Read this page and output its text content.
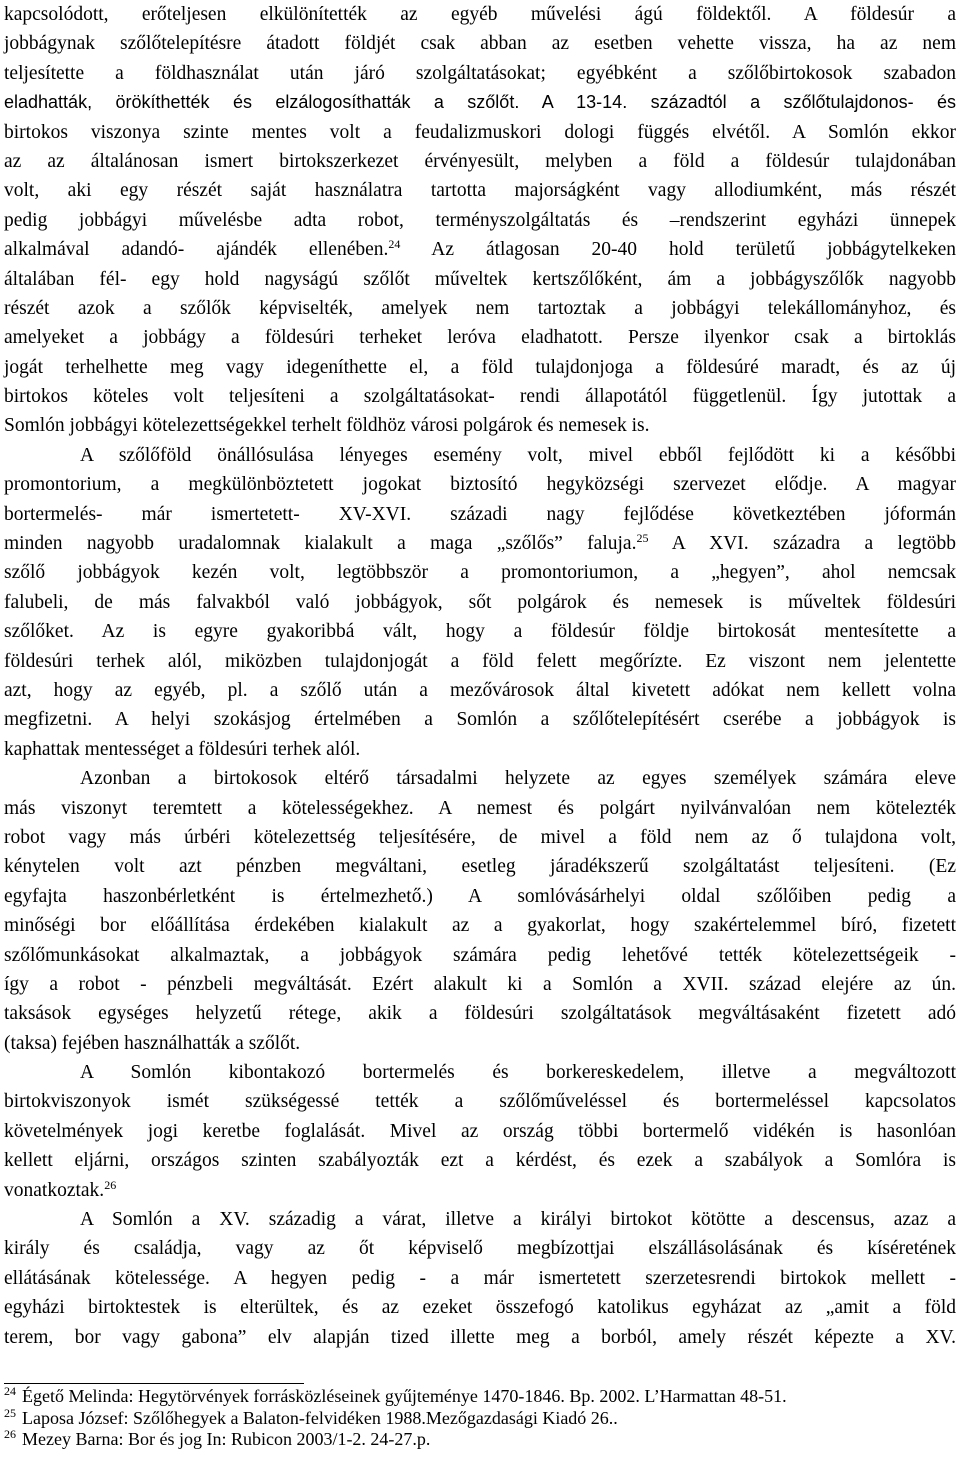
kapcsolódott, erőteljesen elkülönítették az egyéb művelési ágú földektől. A földesúr a
jobbágynak szőlőtelepítésre átadott földjét csak abban az esetben vehette vissza, ha az nem
teljesítette a földhasználat után járó szolgáltatásokat; egyébként a szőlőbirtokosok szabadon
eladhatták, örökíthették és elzálogosíthatták a szőlőt. A 13-14. századtól a szőlőtulajdonos- és
birtokos viszonya szinte mentes volt a feudalizmuskori dologi függés elvétől. A Somlón ekkor
az az általánosan ismert birtokszerkezet érvényesült, melyben a föld a földesúr tulajdonában
volt, aki egy részét saját használatra tartotta majorságként vagy allodiumként, más részét
pedig jobbágyi művelésbe adta robot, terményszolgáltatás és –rendszerint egyházi ünnepek
alkalmával adandó- ajándék ellenében.$^{24}$ Az átlagosan 20-40 hold területű jobbágytelkeken
általában fél- egy hold nagyságú szőlőt műveltek kertszőlőként, ám a jobbágyszőlők nagyobb
részét azok a szőlők képviselték, amelyek nem tartoztak a jobbágyi telekállományhoz, és
amelyeket a jobbágy a földesúri terheket leróva eladhatott. Persze ilyenkor csak a birtoklás
jogát terhelhette meg vagy idegeníthette el, a föld tulajdonjoga a földesúré maradt, és az új
birtokos köteles volt teljesíteni a szolgáltatásokat- rendi állapotától függetlenül. Így jutottak a
Somlón jobbágyi kötelezettségekkel terhelt földhöz városi polgárok és nemesek is.
A szőlőföld önállósulása lényeges esemény volt, mivel ebből fejlődött ki a későbbi
promontorium, a megkülönböztetett jogokat biztosító hegyközségi szervezet elődje. A magyar
bortermelés- már ismertetett- XV-XVI. századi nagy fejlődése következtében jóformán
minden nagyobb uradalomnak kialakult a maga „szőlős” faluja.$^{25}$ A XVI. századra a legtöbb
szőlő jobbágyok kezén volt, legtöbbször a promontoriumon, a „hegyen”, ahol nemcsak
falubeli, de más falvakból való jobbágyok, sőt polgárok és nemesek is műveltek földesúri
szőlőket. Az is egyre gyakoribbá vált, hogy a földesúr földje birtokosát mentesítette a
földesúri terhek alól, miközben tulajdonjogát a föld felett megőrízte. Ez viszont nem jelentette
azt, hogy az egyéb, pl. a szőlő után a mezővárosok által kivetett adókat nem kellett volna
megfizetni. A helyi szokásjog értelmében a Somlón a szőlőtelepítésért cserébe a jobbágyok is
kaphattak mentességet a földesúri terhek alól.
Azonban a birtokosok eltérő társadalmi helyzete az egyes személyek számára eleve
más viszonyt teremtett a kötelességekhez. A nemest és polgárt nyilvánvalóan nem kötelezték
robot vagy más úrbéri kötelezettség teljesítésére, de mivel a föld nem az ő tulajdona volt,
kénytelen volt azt pénzben megváltani, esetleg járadékszerű szolgáltatást teljesíteni. (Ez
egyfajta haszonbérletként is értelmezhető.) A somlóvásárhelyi oldal szőlőiben pedig a
minőségi bor előállítása érdekében kialakult az a gyakorlat, hogy szakértelemmel bíró, fizetett
szőlőmunkásokat alkalmaztak, a jobbágyok számára pedig lehetővé tették kötelezettségeik -
így a robot - pénzbeli megváltását. Ezért alakult ki a Somlón a XVII. század elejére az ún.
taksások egységes helyzetű rétege, akik a földesúri szolgáltatások megváltásaként fizetett adó
(taksa) fejében használhatták a szőlőt.
A Somlón kibontakozó bortermelés és borkereskedelem, illetve a megváltozott
birtokviszonyok ismét szükségessé tették a szőlőműveléssel és bortermeléssel kapcsolatos
követelmények jogi keretbe foglalását. Mivel az ország többi bortermelő vidékén is hasonlóan
kellett eljárni, országos szinten szabályozták ezt a kérdést, és ezek a szabályok a Somlóra is
vonatkoztak.$^{26}$
A Somlón a XV. századig a várat, illetve a királyi birtokot kötötte a descensus, azaz a
király és családja, vagy az őt képviselő megbízottjai elszállásolásának és kíséretének
ellátásának kötelessége. A hegyen pedig - a már ismertetett szerzetesrendi birtokok mellett -
egyházi birtoktestek is elterültek, és az ezeket összefogó katolikus egyházat az „amit a föld
terem, bor vagy gabona” elv alapján tized illette meg a borból, amely részét képezte a XV.
$^{24}$ Égető Melinda: Hegytörvények forrásközléseinek gyűjteménye 1470-1846. Bp. 2002. L’Harmattan 48-51.
$^{25}$ Laposa József: Szőlőhegyek a Balaton-felvidéken 1988.Mezőgazdasági Kiadó 26..
$^{26}$ Mezey Barna: Bor és jog In: Rubicon 2003/1-2. 24-27.p.
